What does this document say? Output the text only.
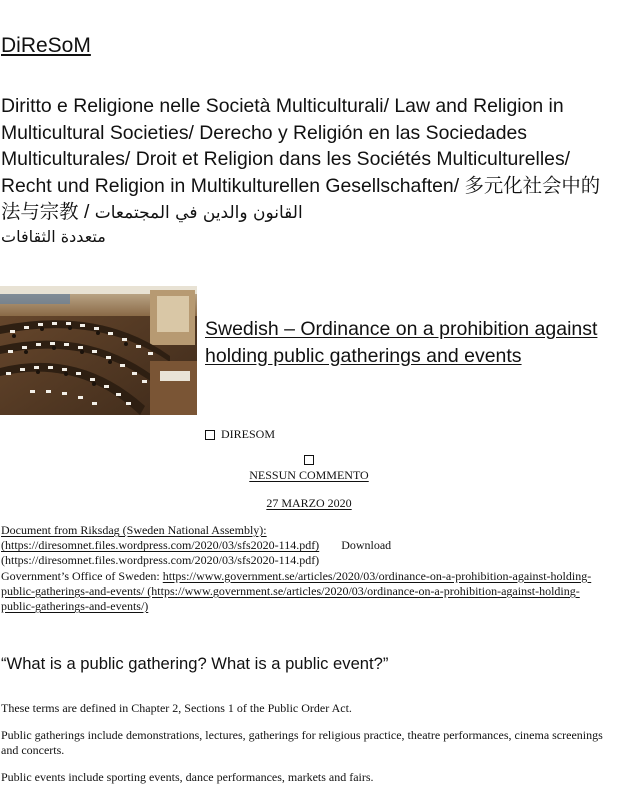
DiReSoM
Diritto e Religione nelle Società Multiculturali/ Law and Religion in Multicultural Societies/ Derecho y Religión en las Sociedades Multiculturales/ Droit et Religion dans les Sociétés Multiculturelles/ Recht und Religion in Multikulturellen Gesellschaften/ 多元化社会中的法与宗教 / القانون والدين في المجتمعات
متعددة الثقافات
Swedish – Ordinance on a prohibition against holding public gatherings and events
DIRESOM
NESSUN COMMENTO
27 MARZO 2020
Document from Riksdag (Sweden National Assembly):
(https://diresomnet.files.wordpress.com/2020/03/sfs2020-114.pdf) Download
(https://diresomnet.files.wordpress.com/2020/03/sfs2020-114.pdf)
Government’s Office of Sweden: https://www.government.se/articles/2020/03/ordinance-on-a-prohibition-against-holding-public-gatherings-and-events/ (https://www.government.se/articles/2020/03/ordinance-on-a-prohibition-against-holding-public-gatherings-and-events/)
“What is a public gathering? What is a public event?”
These terms are defined in Chapter 2, Sections 1 of the Public Order Act.
Public gatherings include demonstrations, lectures, gatherings for religious practice, theatre performances, cinema screenings and concerts.
Public events include sporting events, dance performances, markets and fairs.
